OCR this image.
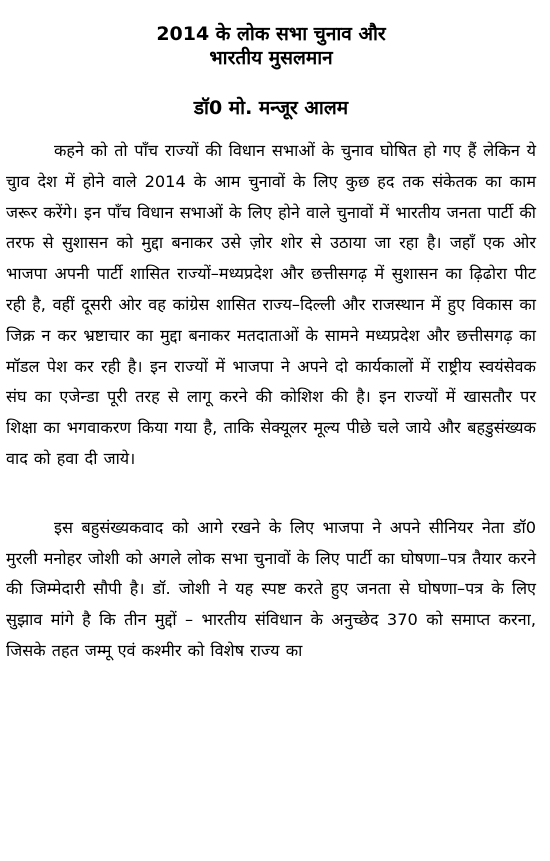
2014 के लोक सभा चुनाव और
भारतीय मुसलमान
डॉ0 मो. मन्जूर आलम

कहने को तो पाँच राज्यों की विधान सभाओं के चुनाव घोषित हो गए हैं लेकिन ये चुाव देश में होने वाले 2014 के आम चुनावों के लिए कुछ हद तक संकेतक का काम जरूर करेंगे। इन पाँच विधान सभाओं के लिए होने वाले चुनावों में भारतीय जनता पार्टी की तरफ से सुशासन को मुद्दा बनाकर उसे ज़ोर शोर से उठाया जा रहा है। जहाँ एक ओर भाजपा अपनी पार्टी शासित राज्यों–मध्यप्रदेश और छत्तीसगढ़ में सुशासन का ढ़िढोरा पीट रही है, वहीं दूसरी ओर वह कांग्रेस शासित राज्य–दिल्ली और राजस्थान में हुए विकास का जिक्र न कर भ्रष्टाचार का मुद्दा बनाकर मतदाताओं के सामने मध्यप्रदेश और छत्तीसगढ़ का मॉडल पेश कर रही है। इन राज्यों में भाजपा ने अपने दो कार्यकालों में राष्ट्रीय स्वयंसेवक संघ का एजेन्डा पूरी तरह से लागू करने की कोशिश की है। इन राज्यों में खासतौर पर शिक्षा का भगवाकरण किया गया है, ताकि सेक्यूलर मूल्य पीछे चले जाये और बहडुसंख्यक वाद को हवा दी जाये।

इस बहुसंख्यकवाद को आगे रखने के लिए भाजपा ने अपने सीनियर नेता डॉ0 मुरली मनोहर जोशी को अगले लोक सभा चुनावों के लिए पार्टी का घोषणा–पत्र तैयार करने की जिम्मेदारी सौपी है। डॉ. जोशी ने यह स्पष्ट करते हुए जनता से घोषणा–पत्र के लिए सुझाव मांगे है कि तीन मुद्दों – भारतीय संविधान के अनुच्छेद 370 को समाप्त करना, जिसके तहत जम्मू एवं कश्मीर को विशेष राज्य का
